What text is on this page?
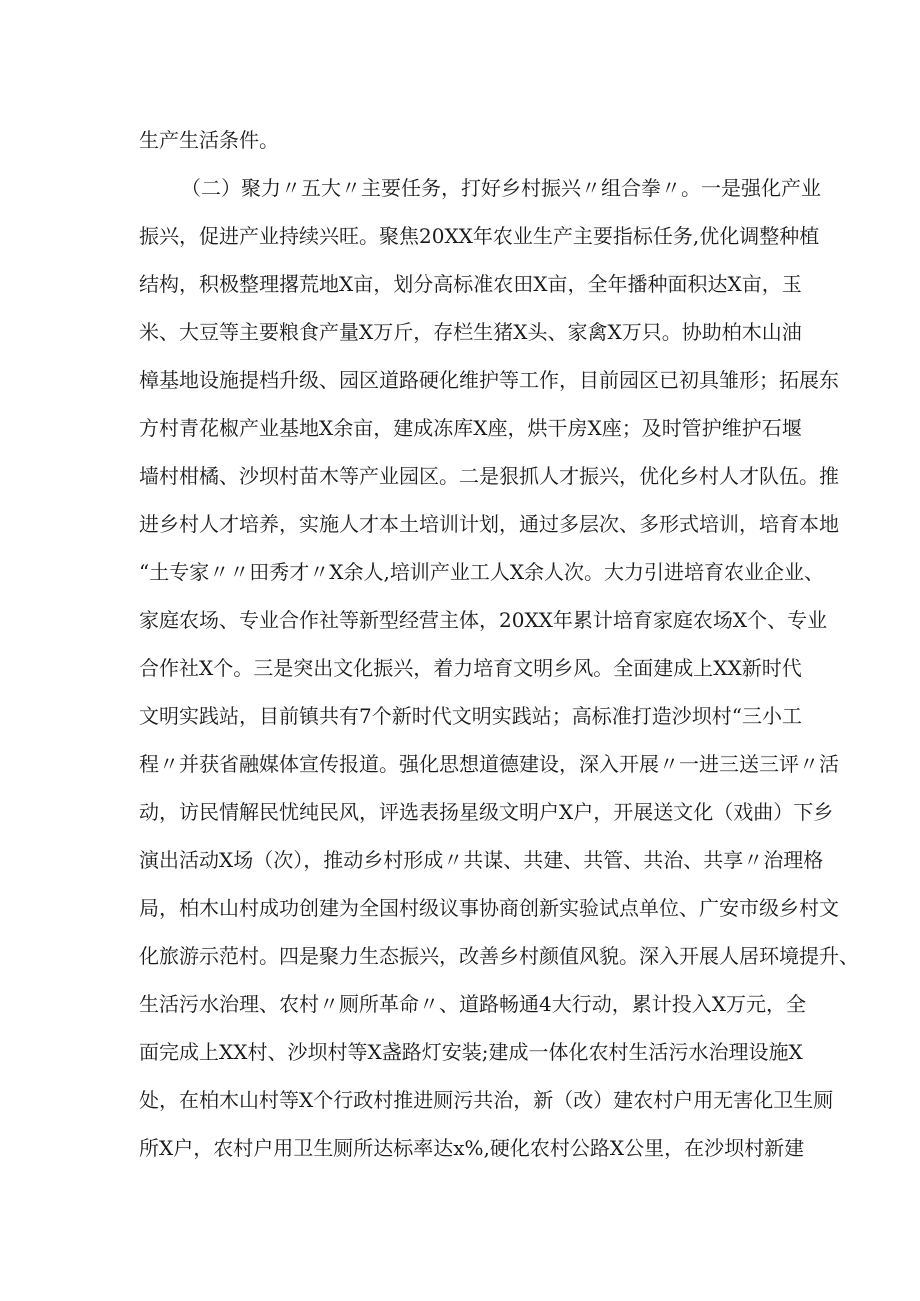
生产生活条件。
（二）聚力〃五大〃主要任务，打好乡村振兴〃组合拳〃。一是强化产业
振兴，促进产业持续兴旺。聚焦20XX年农业生产主要指标任务,优化调整种植
结构，积极整理撂荒地X亩，划分高标准农田X亩，全年播种面积达X亩，玉
米、大豆等主要粮食产量X万斤，存栏生猪X头、家禽X万只。协助柏木山油
樟基地设施提档升级、园区道路硬化维护等工作，目前园区已初具雏形；拓展东
方村青花椒产业基地X余亩，建成冻库X座，烘干房X座；及时管护维护石堰
墙村柑橘、沙坝村苗木等产业园区。二是狠抓人才振兴，优化乡村人才队伍。推
进乡村人才培养，实施人才本土培训计划，通过多层次、多形式培训，培育本地
“土专家〃〃田秀才〃X余人,培训产业工人X余人次。大力引进培育农业企业、
家庭农场、专业合作社等新型经营主体，20XX年累计培育家庭农场X个、专业
合作社X个。三是突出文化振兴，着力培育文明乡风。全面建成上XX新时代
文明实践站，目前镇共有7个新时代文明实践站；高标准打造沙坝村“三小工
程〃并获省融媒体宣传报道。强化思想道德建设，深入开展〃一进三送三评〃活
动，访民情解民忧纯民风，评选表扬星级文明户X户，开展送文化（戏曲）下乡
演出活动X场（次），推动乡村形成〃共谋、共建、共管、共治、共享〃治理格
局，柏木山村成功创建为全国村级议事协商创新实验试点单位、广安市级乡村文
化旅游示范村。四是聚力生态振兴，改善乡村颜值风貌。深入开展人居环境提升、
生活污水治理、农村〃厕所革命〃、道路畅通4大行动，累计投入X万元，全
面完成上XX村、沙坝村等X盏路灯安装;建成一体化农村生活污水治理设施X
处，在柏木山村等X个行政村推进厕污共治，新（改）建农村户用无害化卫生厕
所X户，农村户用卫生厕所达标率达x%,硬化农村公路X公里，在沙坝村新建
